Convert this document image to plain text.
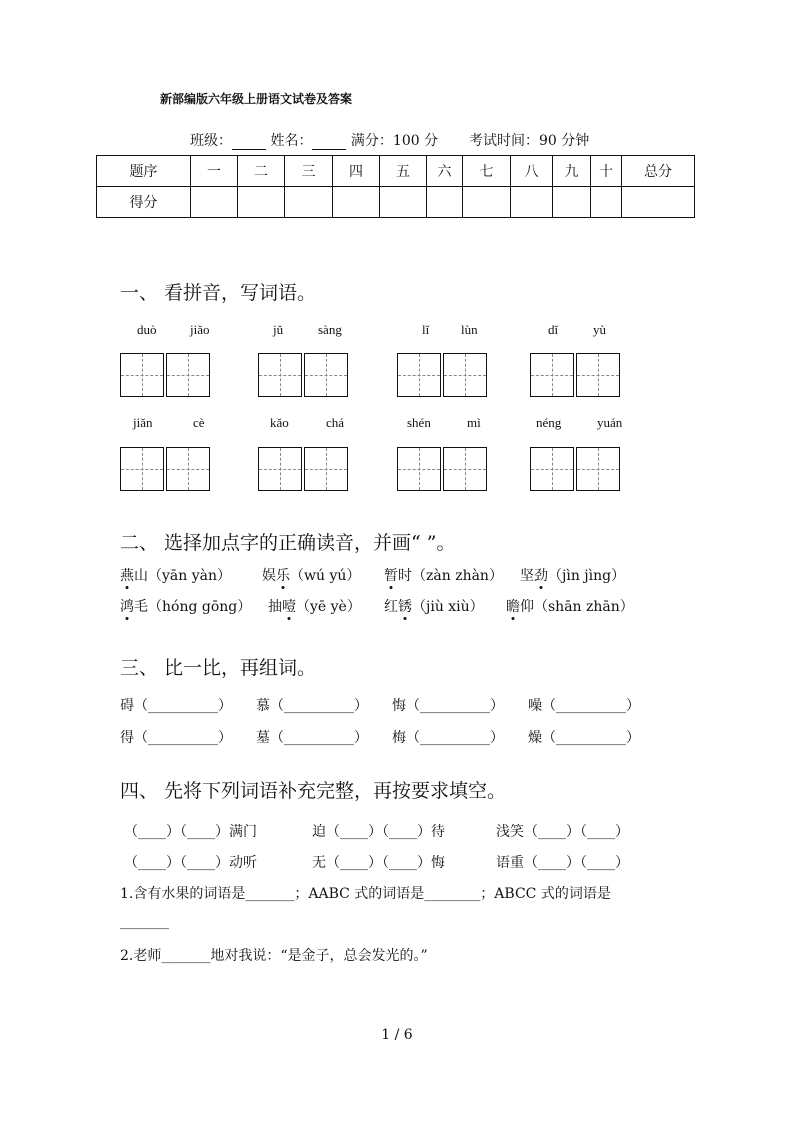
新部编版六年级上册语文试卷及答案
班级：	姓名：	满分：100 分 考试时间：90 分钟
题序	一	二	三	四	五	六	七	八	九	十	总分
得分											
一、 看拼音，写词语。
duò	jiǎo	jǔ	sàng	lǐ lùn	dǐ	yù
jiǎn	cè	kǎo	chá	shén	mì	néng	yuán
二、 选择加点字的正确读音，并画“ ”。
燕山（yān yàn） 娱乐（wú yú） 暂时（zàn zhàn） 坚劲（jìn jìng）
鸿毛（hóng gōng） 抽噎（yē yè） 红锈（jiù xiù） 瞻仰（shān zhān）
三、 比一比，再组词。
碍（__________） 慕（__________） 悔（__________） 噪（__________）
得（__________） 墓（__________） 梅（__________） 燥（__________）
四、 先将下列词语补充完整，再按要求填空。
（____）（____）满门	迫（____）（____）待	浅笑（____）（____）
（____）（____）动听	无（____）（____）悔	语重（____）（____）
1.含有水果的词语是_______；AABC 式的词语是________；ABCC 式的词语是
_______
2.老师_______地对我说：“是金子，总会发光的。”
1 / 6
